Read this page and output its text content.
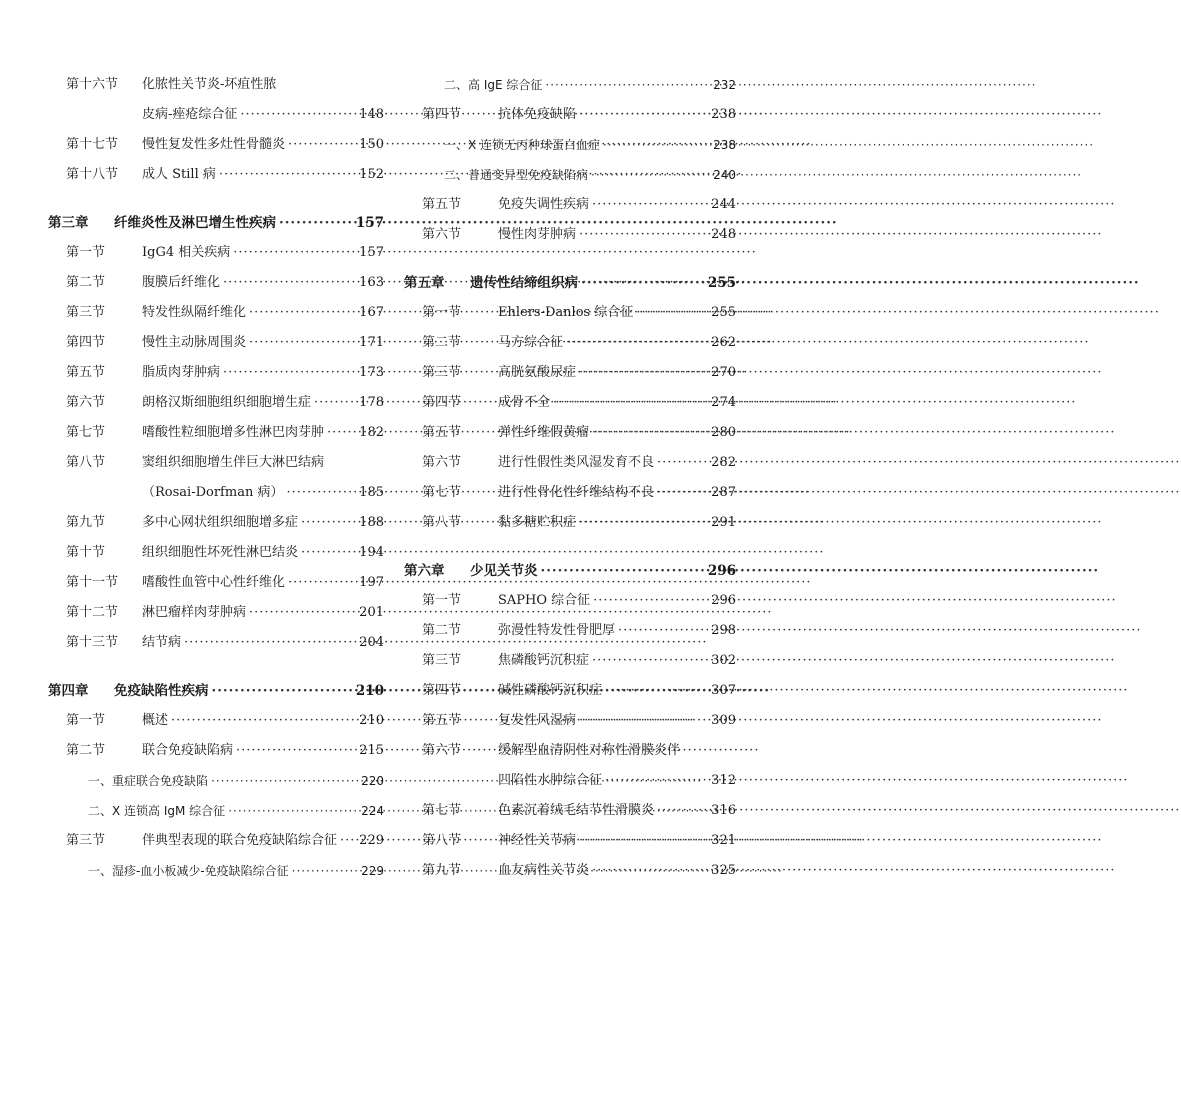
第十六节	化脓性关节炎-坏疽性脓
皮病-痤疮综合征 ·····	148
第十七节	慢性复发性多灶性骨髓炎 ·····	150
第十八节	成人 Still 病 ·····	152
第三章	纤维炎性及淋巴增生性疾病 ·····	157
第一节	IgG4 相关疾病 ·····	157
第二节	腹膜后纤维化 ·····	163
第三节	特发性纵隔纤维化 ·····	167
第四节	慢性主动脉周围炎 ·····	171
第五节	脂质肉芽肿病 ·····	173
第六节	朗格汉斯细胞组织细胞增生症 ·····	178
第七节	嗜酸性粒细胞增多性淋巴肉芽肿 ·····	182
第八节	窦组织细胞增生伴巨大淋巴结病
（Rosai-Dorfman 病） ·····	185
第九节	多中心网状组织细胞增多症 ·····	188
第十节	组织细胞性坏死性淋巴结炎 ·····	194
第十一节	嗜酸性血管中心性纤维化 ·····	197
第十二节	淋巴瘤样肉芽肿病 ·····	201
第十三节	结节病 ·····	204
第四章	免疫缺陷性疾病 ·····	210
第一节	概述 ·····	210
第二节	联合免疫缺陷病 ·····	215
一、重症联合免疫缺陷 ·····	220
二、X 连锁高 IgM 综合征 ·····	224
第三节	伴典型表现的联合免疫缺陷综合征 ····· 229
一、湿疹-血小板减少-免疫缺陷综合征 ·····	229
二、高 IgE 综合征 ·····	232
第四节	抗体免疫缺陷 ·····	238
一、X 连锁无丙种球蛋白血症 ·····	238
二、普通变异型免疫缺陷病 ·····	240
第五节	免疫失调性疾病 ·····	244
第六节	慢性肉芽肿病 ·····	248
第五章	遗传性结缔组织病 ·····	255
第一节	Ehlers-Danlos 综合征 ·····	255
第二节	马方综合征 ·····	262
第三节	高胱氨酸尿症 ·····	270
第四节	成骨不全 ·····	274
第五节	弹性纤维假黄瘤 ·····	280
第六节	进行性假性类风湿发育不良 ·····	282
第七节	进行性骨化性纤维结构不良 ·····	287
第八节	黏多糖贮积症 ·····	291
第六章	少见关节炎 ·····	296
第一节	SAPHO 综合征 ·····	296
第二节	弥漫性特发性骨肥厚 ·····	298
第三节	焦磷酸钙沉积症 ·····	302
第四节	碱性磷酸钙沉积症 ·····	307
第五节	复发性风湿病 ·····	309
第六节	缓解型血清阴性对称性滑膜炎伴
凹陷性水肿综合征 ·····	312
第七节	色素沉着绒毛结节性滑膜炎 ·····	316
第八节	神经性关节病 ·····	321
第九节	血友病性关节炎 ·····	325
